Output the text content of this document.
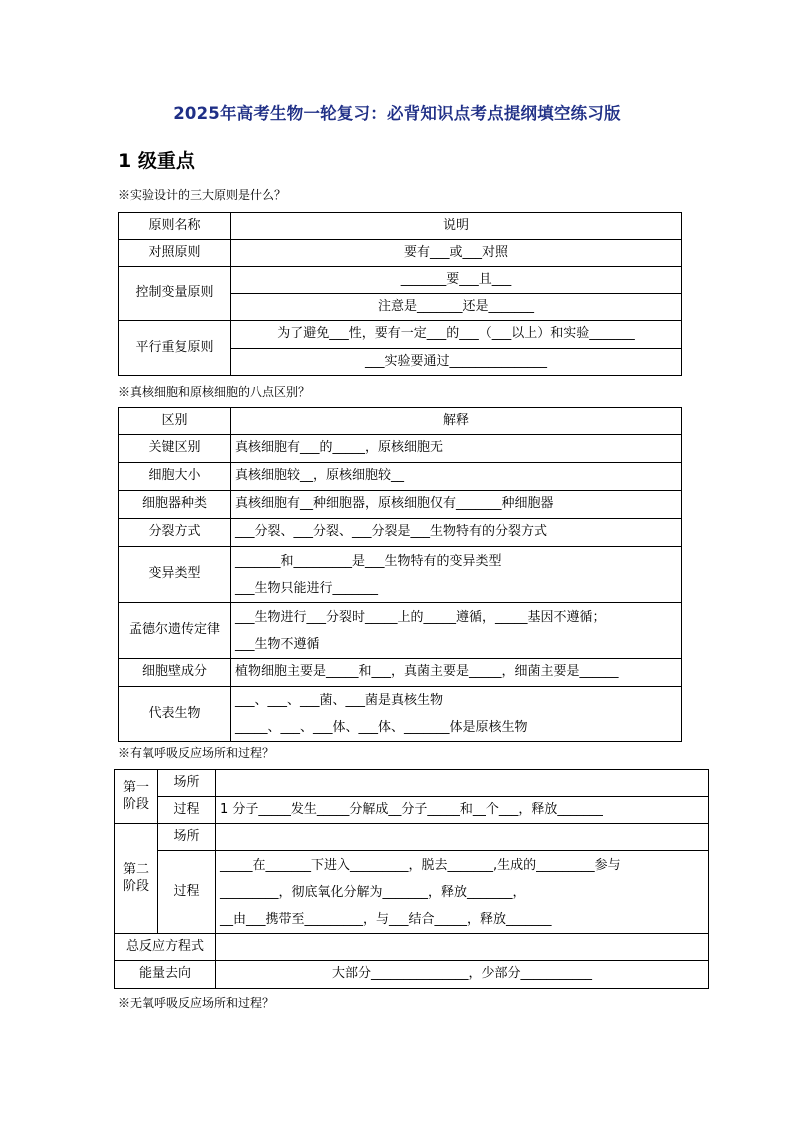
2025年高考生物一轮复习：必背知识点考点提纲填空练习版
1 级重点
※实验设计的三大原则是什么？
原则名称	说明
对照原则	要有___或___对照
控制变量原则	_______要___且___
	注意是_______还是_______
平行重复原则	为了避免___性，要有一定___的___（___以上）和实验_______
	___实验要通过_______________
※真核细胞和原核细胞的八点区别？
区别	解释
关键区别	真核细胞有___的_____，原核细胞无
细胞大小	真核细胞较__，原核细胞较__
细胞器种类	真核细胞有__种细胞器，原核细胞仅有_______种细胞器
分裂方式	___分裂、___分裂、___分裂是___生物特有的分裂方式
变异类型	_______和_________是___生物特有的变异类型
___生物只能进行_______

孟德尔遗传定律	___生物进行___分裂时_____上的_____遵循，_____基因不遵循；
___生物不遵循

细胞壁成分	植物细胞主要是_____和___，真菌主要是_____，细菌主要是______
代表生物	___、___、___菌、___菌是真核生物
_____、___、___体、___体、_______体是原核生物
※有氧呼吸反应场所和过程？
第一阶段	场所	
	过程	1 分子_____发生_____分解成__分子_____和__个___，释放_______
第二阶段	场所	
	过程	_____在_______下进入_________，脱去_______,生成的_________参与
_________，彻底氧化分解为_______，释放_______，
__由___携带至_________，与___结合_____，释放_______

总反应方程式		
能量去向		大部分_______________，少部分___________
※无氧呼吸反应场所和过程？
